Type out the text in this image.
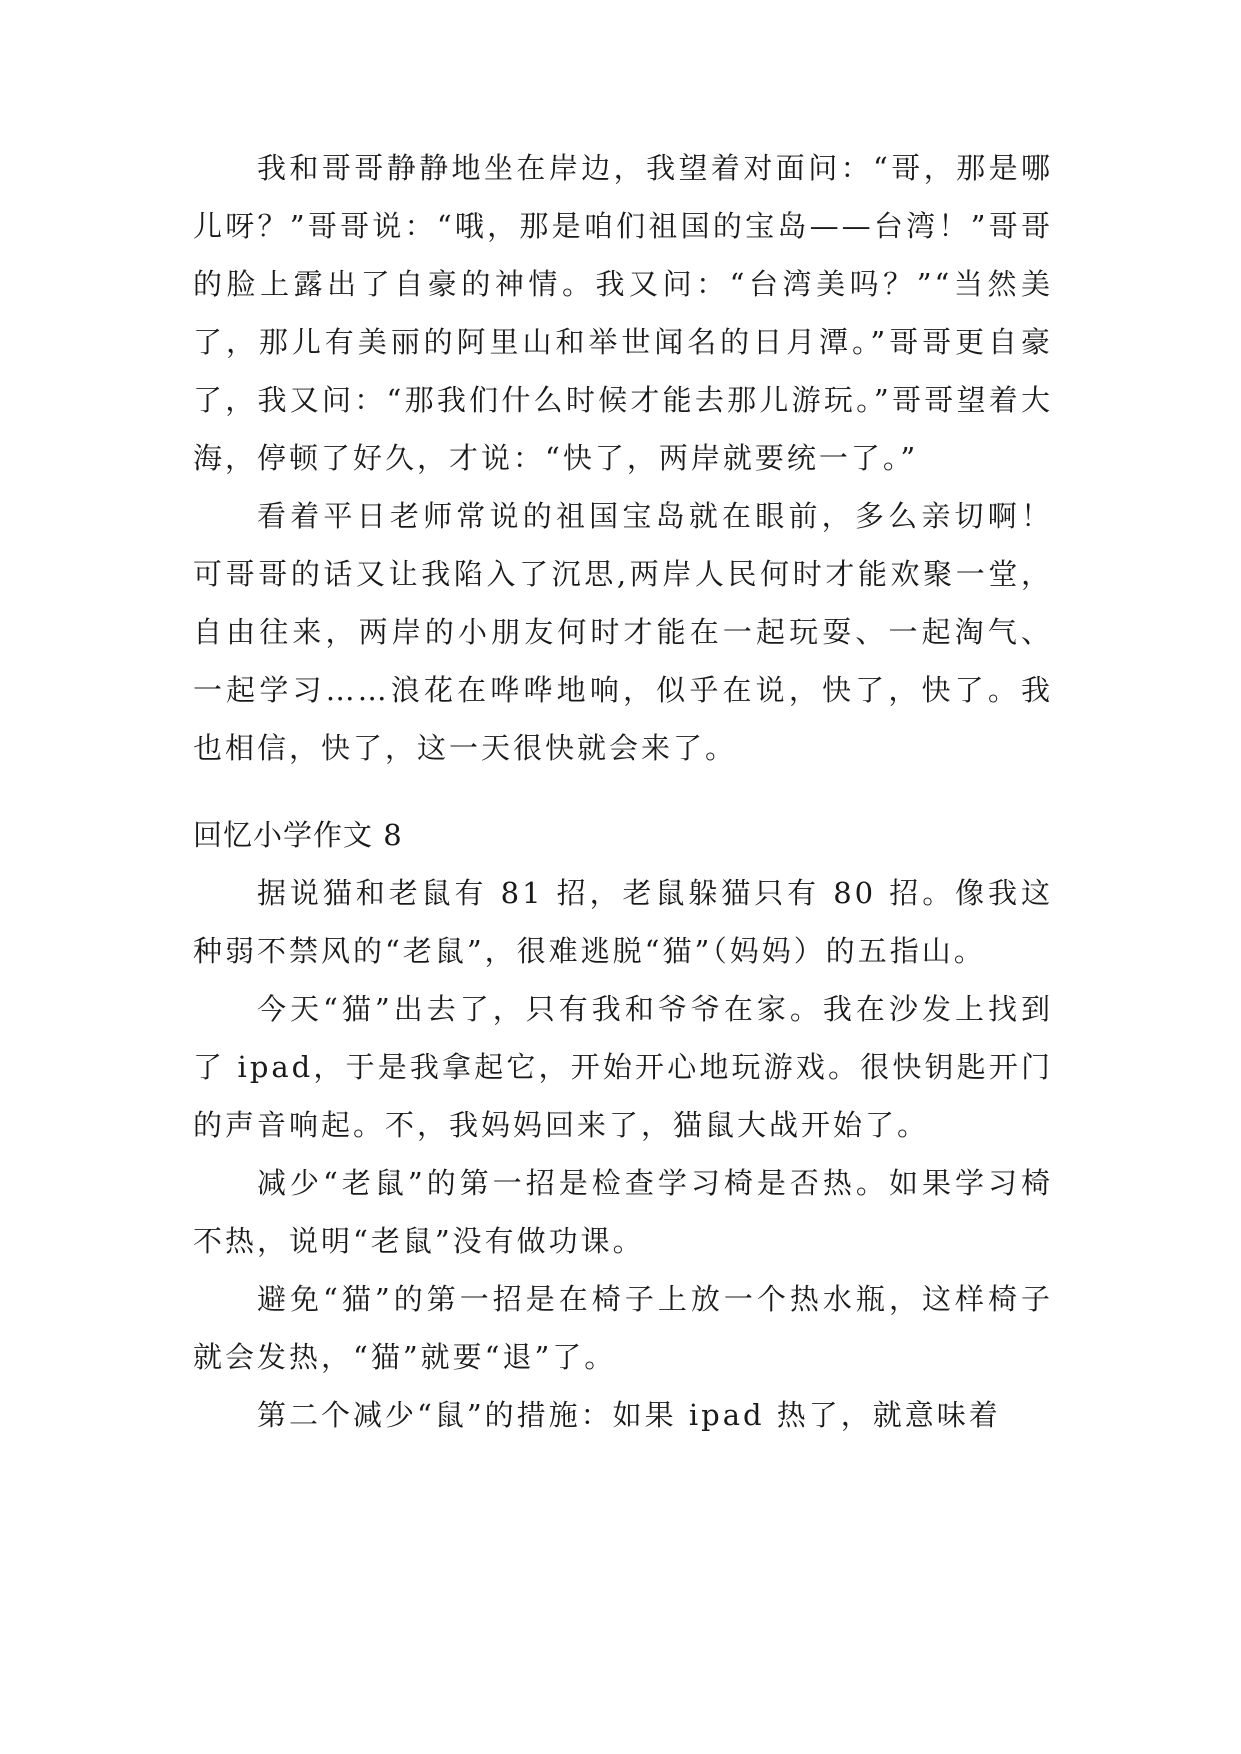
我和哥哥静静地坐在岸边，我望着对面问：“哥，那是哪儿呀？”哥哥说：“哦，那是咱们祖国的宝岛——台湾！”哥哥的脸上露出了自豪的神情。我又问：“台湾美吗？”“当然美了，那儿有美丽的阿里山和举世闻名的日月潭。”哥哥更自豪了，我又问：“那我们什么时候才能去那儿游玩。”哥哥望着大海，停顿了好久，才说：“快了，两岸就要统一了。”

看着平日老师常说的祖国宝岛就在眼前，多么亲切啊！可哥哥的话又让我陷入了沉思,两岸人民何时才能欢聚一堂，自由往来，两岸的小朋友何时才能在一起玩耍、一起淘气、一起学习……浪花在哗哗地响，似乎在说，快了，快了。我也相信，快了，这一天很快就会来了。

回忆小学作文 8

据说猫和老鼠有 81 招，老鼠躲猫只有 80 招。像我这种弱不禁风的“老鼠”，很难逃脱“猫”（妈妈）的五指山。

今天“猫”出去了，只有我和爷爷在家。我在沙发上找到了 ipad，于是我拿起它，开始开心地玩游戏。很快钥匙开门的声音响起。不，我妈妈回来了，猫鼠大战开始了。

减少“老鼠”的第一招是检查学习椅是否热。如果学习椅不热，说明“老鼠”没有做功课。

避免“猫”的第一招是在椅子上放一个热水瓶，这样椅子就会发热，“猫”就要“退”了。

第二个减少“鼠”的措施：如果 ipad 热了，就意味着
